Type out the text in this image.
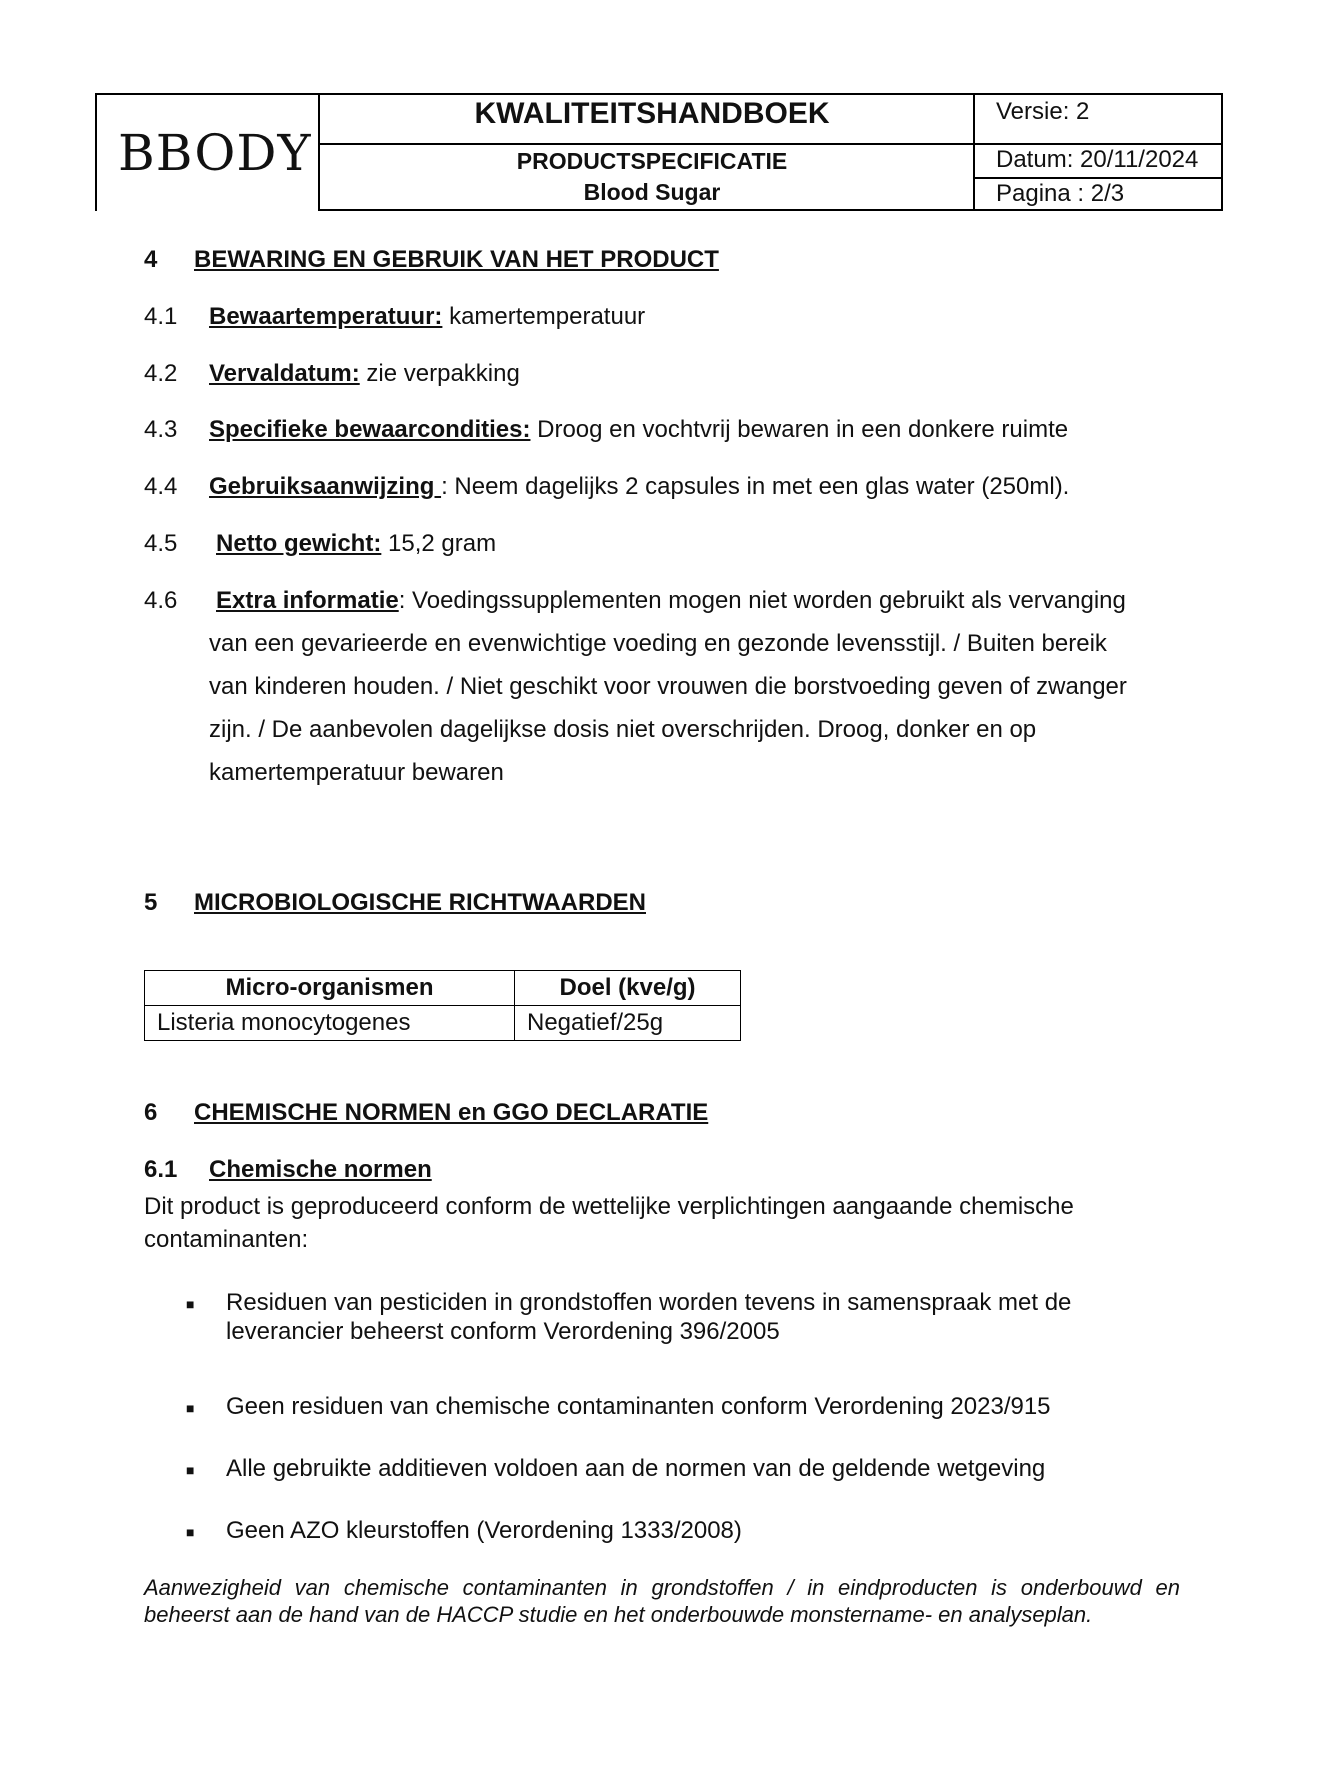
BBODY
KWALITEITSHANDBOEK
PRODUCTSPECIFICATIE
Blood Sugar
Versie: 2
Datum: 20/11/2024
Pagina : 2/3
4 BEWARING EN GEBRUIK VAN HET PRODUCT
4.1 Bewaartemperatuur: kamertemperatuur
4.2 Vervaldatum: zie verpakking
4.3 Specifieke bewaarcondities: Droog en vochtvrij bewaren in een donkere ruimte
4.4 Gebruiksaanwijzing : Neem dagelijks 2 capsules in met een glas water (250ml).
4.5 Netto gewicht: 15,2 gram
4.6 Extra informatie: Voedingssupplementen mogen niet worden gebruikt als vervanging
van een gevarieerde en evenwichtige voeding en gezonde levensstijl. / Buiten bereik
van kinderen houden. / Niet geschikt voor vrouwen die borstvoeding geven of zwanger
zijn. / De aanbevolen dagelijkse dosis niet overschrijden. Droog, donker en op
kamertemperatuur bewaren
5 MICROBIOLOGISCHE RICHTWAARDEN
Micro-organismen	Doel (kve/g)
Listeria monocytogenes	Negatief/25g
6 CHEMISCHE NORMEN en GGO DECLARATIE
6.1 Chemische normen
Dit product is geproduceerd conform de wettelijke verplichtingen aangaande chemische
contaminanten:
■ Residuen van pesticiden in grondstoffen worden tevens in samenspraak met de
leverancier beheerst conform Verordening 396/2005
■ Geen residuen van chemische contaminanten conform Verordening 2023/915
■ Alle gebruikte additieven voldoen aan de normen van de geldende wetgeving
■ Geen AZO kleurstoffen (Verordening 1333/2008)
Aanwezigheid van chemische contaminanten in grondstoffen / in eindproducten is onderbouwd en beheerst aan de hand van de HACCP studie en het onderbouwde monstername- en analyseplan.
